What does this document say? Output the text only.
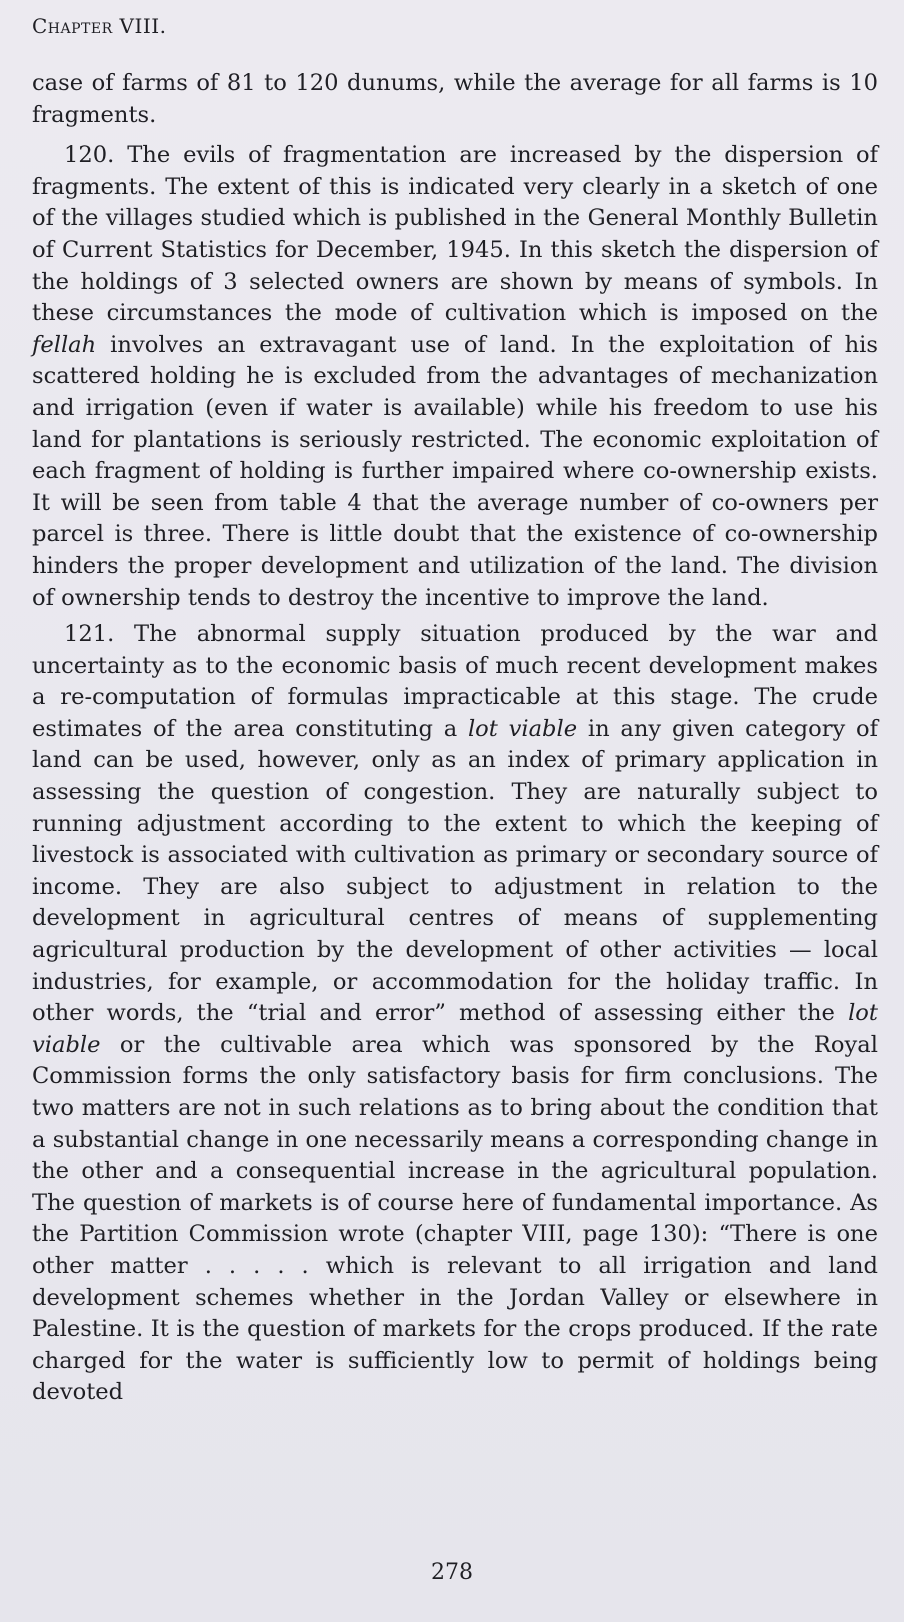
Chapter VIII.

case of farms of 81 to 120 dunums, while the average for all farms is 10 fragments.

120. The evils of fragmentation are increased by the dispersion of fragments. The extent of this is indicated very clearly in a sketch of one of the villages studied which is published in the General Monthly Bulletin of Current Statistics for December, 1945. In this sketch the dispersion of the holdings of 3 selected owners are shown by means of symbols. In these circumstances the mode of cultivation which is imposed on the fellah involves an extravagant use of land. In the exploitation of his scattered holding he is excluded from the advantages of mechanization and irrigation (even if water is available) while his freedom to use his land for plantations is seriously restricted. The economic exploitation of each fragment of holding is further impaired where co-ownership exists. It will be seen from table 4 that the average number of co-owners per parcel is three. There is little doubt that the existence of co-ownership hinders the proper development and utilization of the land. The division of ownership tends to destroy the incentive to improve the land.

121. The abnormal supply situation produced by the war and uncertainty as to the economic basis of much recent development makes a re-computation of formulas impracticable at this stage. The crude estimates of the area constituting a lot viable in any given category of land can be used, however, only as an index of primary application in assessing the question of congestion. They are naturally subject to running adjustment according to the extent to which the keeping of livestock is associated with cultivation as primary or secondary source of income. They are also subject to adjustment in relation to the development in agricultural centres of means of supplementing agricultural production by the development of other activities — local industries, for example, or accommodation for the holiday traffic. In other words, the “trial and error” method of assessing either the lot viable or the cultivable area which was sponsored by the Royal Commission forms the only satisfactory basis for firm conclusions. The two matters are not in such relations as to bring about the condition that a substantial change in one necessarily means a corresponding change in the other and a consequential increase in the agricultural population. The question of markets is of course here of fundamental importance. As the Partition Commission wrote (chapter VIII, page 130): “There is one other matter . . . . . which is relevant to all irrigation and land development schemes whether in the Jordan Valley or elsewhere in Palestine. It is the question of markets for the crops produced. If the rate charged for the water is sufficiently low to permit of holdings being devoted

278
